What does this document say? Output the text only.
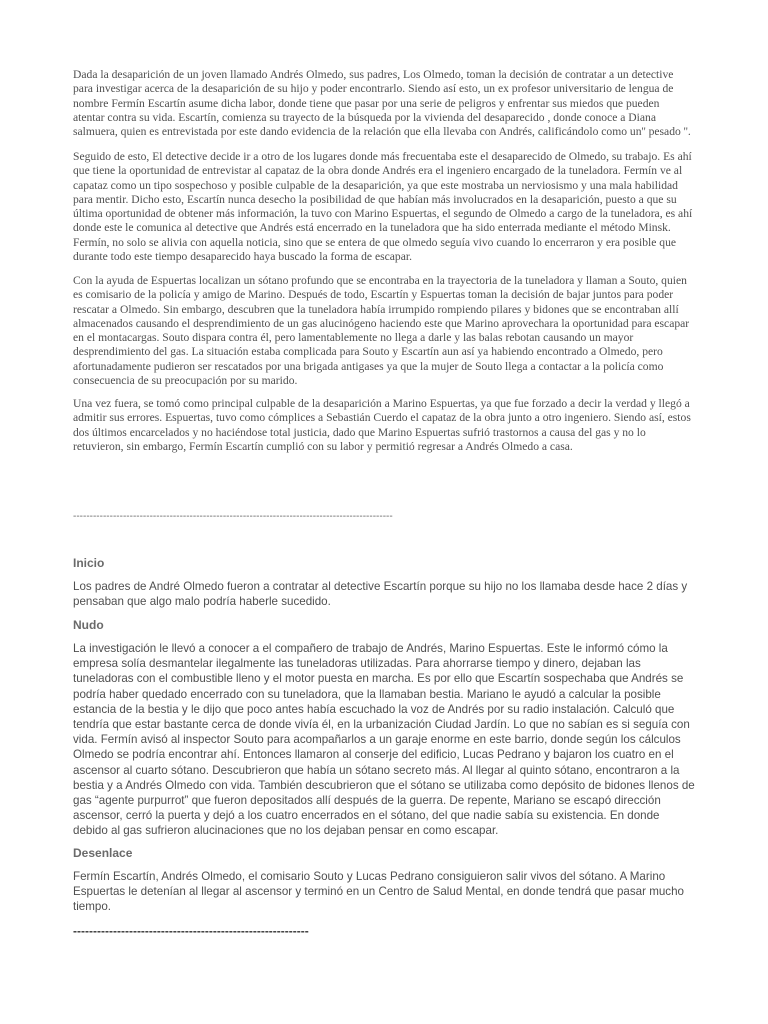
Dada la desaparición de un joven llamado Andrés Olmedo, sus padres, Los Olmedo, toman la decisión de contratar a un detective para investigar acerca de la desaparición de su hijo y poder encontrarlo. Siendo así esto, un ex profesor universitario de lengua de nombre Fermín Escartín asume dicha labor, donde tiene que pasar por una serie de peligros y enfrentar sus miedos que pueden atentar contra su vida. Escartín, comienza su trayecto de la búsqueda por la vivienda del desaparecido , donde conoce a Diana salmuera, quien es entrevistada por este dando evidencia de la relación que ella llevaba con Andrés, calificándolo como un'' pesado ''.

Seguido de esto, El detective decide ir a otro de los lugares donde más frecuentaba este el desaparecido de Olmedo, su trabajo. Es ahí que tiene la oportunidad de entrevistar al capataz de la obra donde Andrés era el ingeniero encargado de la tuneladora. Fermín ve al capataz como un tipo sospechoso y posible culpable de la desaparición, ya que este mostraba un nerviosismo y una mala habilidad para mentir. Dicho esto, Escartín nunca desecho la posibilidad de que habían más involucrados en la desaparición, puesto a que su última oportunidad de obtener más información, la tuvo con Marino Espuertas, el segundo de Olmedo a cargo de la tuneladora, es ahí donde este le comunica al detective que Andrés está encerrado en la tuneladora que ha sido enterrada mediante el método Minsk. Fermín, no solo se alivia con aquella noticia, sino que se entera de que olmedo seguía vivo cuando lo encerraron y era posible que durante todo este tiempo desaparecido haya buscado la forma de escapar.

Con la ayuda de Espuertas localizan un sótano profundo que se encontraba en la trayectoria de la tuneladora y llaman a Souto, quien es comisario de la policía y amigo de Marino. Después de todo, Escartín y Espuertas toman la decisión de bajar juntos para poder rescatar a Olmedo. Sin embargo, descubren que la tuneladora había irrumpido rompiendo pilares y bidones que se encontraban allí almacenados causando el desprendimiento de un gas alucinógeno haciendo este que Marino aprovechara la oportunidad para escapar en el montacargas. Souto dispara contra él, pero lamentablemente no llega a darle y las balas rebotan causando un mayor desprendimiento del gas. La situación estaba complicada para Souto y Escartín aun así ya habiendo encontrado a Olmedo, pero afortunadamente pudieron ser rescatados por una brigada antigases ya que la mujer de Souto llega a contactar a la policía como consecuencia de su preocupación por su marido.

Una vez fuera, se tomó como principal culpable de la desaparición a Marino Espuertas, ya que fue forzado a decir la verdad y llegó a admitir sus errores. Espuertas, tuvo como cómplices a Sebastián Cuerdo el capataz de la obra junto a otro ingeniero. Siendo así, estos dos últimos encarcelados y no haciéndose total justicia, dado que Marino Espuertas sufrió trastornos a causa del gas y no lo retuvieron, sin embargo, Fermín Escartín cumplió con su labor y permitió regresar a Andrés Olmedo a casa.

------------------------------------------------------------------------------------------------
Inicio

Los padres de André Olmedo fueron a contratar al detective Escartín porque su hijo no los llamaba desde hace 2 días y pensaban que algo malo podría haberle sucedido.

Nudo

La investigación le llevó a conocer a el compañero de trabajo de Andrés, Marino Espuertas. Este le informó cómo la empresa solía desmantelar ilegalmente las tuneladoras utilizadas. Para ahorrarse tiempo y dinero, dejaban las tuneladoras con el combustible lleno y el motor puesta en marcha. Es por ello que Escartín sospechaba que Andrés se podría haber quedado encerrado con su tuneladora, que la llamaban bestia. Mariano le ayudó a calcular la posible estancia de la bestia y le dijo que poco antes había escuchado la voz de Andrés por su radio instalación. Calculó que tendría que estar bastante cerca de donde vivía él, en la urbanización Ciudad Jardín. Lo que no sabían es si seguía con vida. Fermín avisó al inspector Souto para acompañarlos a un garaje enorme en este barrio, donde según los cálculos Olmedo se podría encontrar ahí. Entonces llamaron al conserje del edificio, Lucas Pedrano y bajaron los cuatro en el ascensor al cuarto sótano. Descubrieron que había un sótano secreto más. Al llegar al quinto sótano, encontraron a la bestia y a Andrés Olmedo con vida. También descubrieron que el sótano se utilizaba como depósito de bidones llenos de gas “agente purpurrot” que fueron depositados allí después de la guerra. De repente, Mariano se escapó dirección ascensor, cerró la puerta y dejó a los cuatro encerrados en el sótano, del que nadie sabía su existencia. En donde debido al gas sufrieron alucinaciones que no los dejaban pensar en como escapar.

Desenlace

Fermín Escartín, Andrés Olmedo, el comisario Souto y Lucas Pedrano consiguieron salir vivos del sótano. A Marino Espuertas le detenían al llegar al ascensor y terminó en un Centro de Salud Mental, en donde tendrá que pasar mucho tiempo.

-----------------------------------------------------------
